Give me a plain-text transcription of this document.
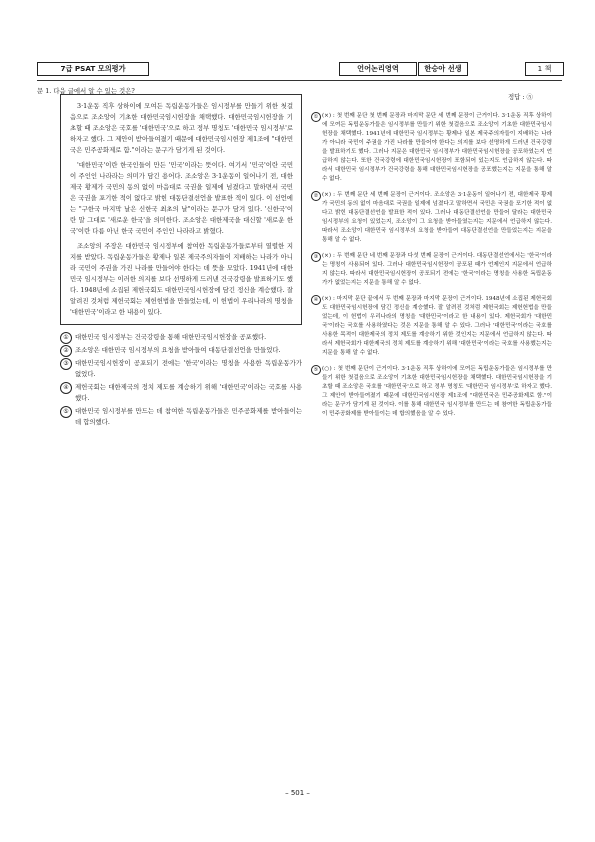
7급 PSAT 모의평가	언어논리영역	한승아 선생	1 책
문 1. 다음 글에서 알 수 있는 것은?
정답 : ⑤

3·1운동 직후 상하이에 모여든 독립운동가들은 임시정부를 만들기 위한 첫걸음으로 조소앙이 기초한 대한민국임시헌장을 채택했다. 대한민국임시헌장을 기초할 때 조소앙은 국호를 '대한민국'으로 하고 정부 명칭도 '대한민국 임시정부'로 하자고 했다. 그 제안이 받아들여졌기 때문에 대한민국임시헌장 제1조에 "대한민국은 민주공화제로 함."이라는 문구가 담기게 된 것이다.

'대한민국'이란 한국인들이 만든 '민국'이라는 뜻이다. 여기서 '민국'이란 국민이 주인인 나라라는 의미가 담긴 용어다. 조소앙은 3·1운동이 일어나기 전, 대한제국 황제가 국민의 동의 없이 마음대로 국권을 일제에 넘겼다고 말하면서 국민은 국권을 포기한 적이 없다고 밝힌 대동단결선언을 발표한 적이 있다. 이 선언에는 "구한국 마지막 날은 신한국 최초의 날"이라는 문구가 담겨 있다. '신한국'이란 말 그대로 '새로운 한국'을 의미한다. 조소앙은 대한제국을 대신할 '새로운 한국'이란 다름 아닌 한국 국민이 주인인 나라라고 밝혔다.

조소앙의 주장은 대한민국 임시정부에 참여한 독립운동가들로부터 열렬한 지지를 받았다. 독립운동가들은 황제나 일본 제국주의자들이 지배하는 나라가 아니라 국민이 주권을 가진 나라를 만들어야 한다는 데 뜻을 모았다. 1941년에 대한민국 임시정부는 이러한 의지를 보다 선명하게 드러낸 건국강령을 발표하기도 했다. 1948년에 소집된 제헌국회도 대한민국임시헌장에 담긴 정신을 계승했다. 잘 알려진 것처럼 제헌국회는 제헌헌법을 만들었는데, 이 헌법이 우리나라의 명칭을 '대한민국'이라고 한 내용이 있다.

① 대한민국 임시정부는 건국강령을 통해 대한민국임시헌장을 공포했다.
② 조소앙은 대한민국 임시정부의 요청을 받아들여 대동단결선언을 만들었다.
③ 대한민국임시헌장이 공포되기 전에는 '한국'이라는 명칭을 사용한 독립운동가가 없었다.
④ 제헌국회는 대한제국의 정치 제도를 계승하기 위해 '대한민국'이라는 국호를 사용했다.
⑤ 대한민국 임시정부를 만드는 데 참여한 독립운동가들은 민주공화제를 받아들이는 데 합의했다.
① (×) : 첫 번째 문단 첫 번째 문장과 마지막 문단 세 번째 문장이 근거이다. 3·1운동 직후 상하이에 모여든 독립운동가들은 임시정부를 만들기 위한 첫걸음으로 조소앙이 기초한 대한민국임시헌장을 채택했다. 1941년에 대한민국 임시정부는 황제나 일본 제국주의자들이 지배하는 나라가 아니라 국민이 주권을 가진 나라를 만들어야 한다는 의지를 보다 선명하게 드러낸 건국강령을 발표하기도 했다. 그러나 지문은 대한민국 임시정부가 대한민국임시헌장을 공포하였는지 언급하지 않는다. 또한 건국강령에 대한민국임시헌장이 포함되어 있는지도 언급하지 않는다. 따라서 대한민국 임시정부가 건국강령을 통해 대한민국임시헌장을 공포했는지는 지문을 통해 알 수 없다.
② (×) : 두 번째 문단 세 번째 문장이 근거이다. 조소앙은 3·1운동이 일어나기 전, 대한제국 황제가 국민의 동의 없이 마음대로 국권을 일제에 넘겼다고 말하면서 국민은 국권을 포기한 적이 없다고 밝힌 대동단결선언을 발표한 적이 있다. 그러나 대동단결선언을 만들어 달라는 대한민국 임시정부의 요청이 있었는지, 조소앙이 그 요청을 받아들였는지는 지문에서 언급하지 않는다. 따라서 조소앙이 대한민국 임시정부의 요청을 받아들여 대동단결선언을 만들었는지는 지문을 통해 알 수 없다.
③ (×) : 두 번째 문단 네 번째 문장과 다섯 번째 문장이 근거이다. 대동단결선언에서는 '한국'이라는 명칭이 사용되어 있다. 그러나 대한민국임시헌장이 공포된 때가 언제인지 지문에서 언급하지 않는다. 따라서 대한민국임시헌장이 공포되기 전에는 '한국'이라는 명칭을 사용한 독립운동가가 없었는지는 지문을 통해 알 수 없다.
④ (×) : 마지막 문단 끝에서 두 번째 문장과 마지막 문장이 근거이다. 1948년에 소집된 제헌국회도 대한민국임시헌장에 담긴 정신을 계승했다. 잘 알려진 것처럼 제헌국회는 제헌헌법을 만들었는데, 이 헌법이 우리나라의 명칭을 '대한민국'이라고 한 내용이 있다. 제헌국회가 '대한민국'이라는 국호를 사용하였다는 것은 지문을 통해 알 수 있다. 그러나 '대한민국'이라는 국호를 사용한 목적이 대한제국의 정치 제도를 계승하기 위한 것인지는 지문에서 언급하지 않는다. 따라서 제헌국회가 대한제국의 정치 제도를 계승하기 위해 '대한민국'이라는 국호를 사용했는지는 지문을 통해 알 수 없다.
⑤ (○) : 첫 번째 문단이 근거이다. 3·1운동 직후 상하이에 모여든 독립운동가들은 임시정부를 만들기 위한 첫걸음으로 조소앙이 기초한 대한민국임시헌장을 채택했다. 대한민국임시헌장을 기초할 때 조소앙은 국호를 '대한민국'으로 하고 정부 명칭도 '대한민국 임시정부'로 하자고 했다. 그 제안이 받아들여졌기 때문에 대한민국임시헌장 제1조에 "대한민국은 민주공화제로 함."이라는 문구가 담기게 된 것이다. 이를 통해 대한민국 임시정부를 만드는 데 참여한 독립운동가들이 민주공화제를 받아들이는 데 합의했음을 알 수 있다.
– 501 –
